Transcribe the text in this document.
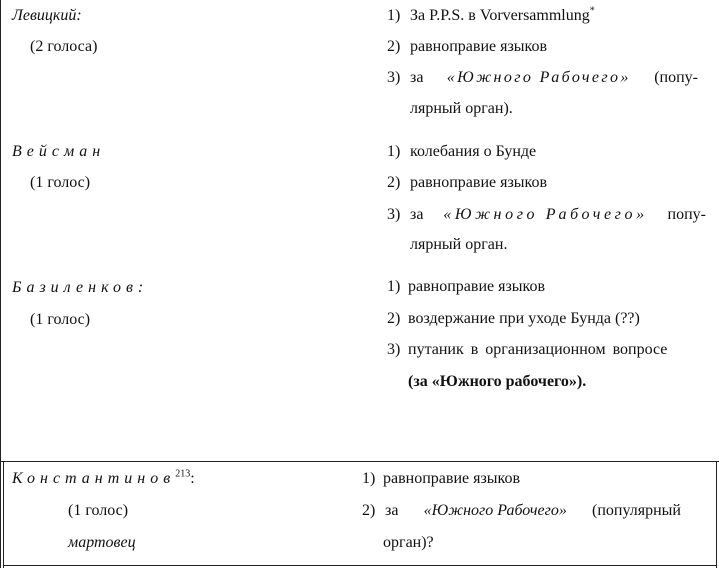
Левицкий:
(2 голоса)
1) За P.P.S. в Vorversammlung*
2) равноправие языков
3) за «Южного Рабочего» (попу-
лярный орган).
Вейсман
(1 голос)
1) колебания о Бунде
2) равноправие языков
3) за «Южного Рабочего» попу-
лярный орган.
Базиленков:
(1 голос)
1) равноправие языков
2) воздержание при уходе Бунда (??)
3) путаник в организационном вопросе
(за «Южного рабочего»).
Константинов$^{213}$:
(1 голос)
мартовец
1) равноправие языков
2) за «Южного Рабочего» (популярный
орган)?
